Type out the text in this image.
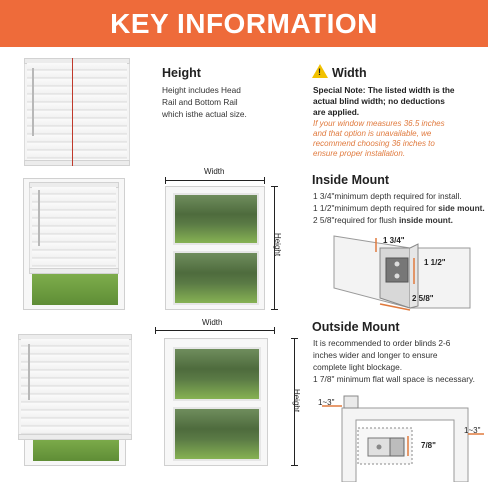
KEY INFORMATION
Height
Height includes Head
Rail and Bottom Rail
which isthe actual size.
! Width
Special Note: The listed width is the
actual blind width; no deductions
are applied.
If your window measures 36.5 inches
and that option is unavailable, we
recommend choosing 36 inches to
ensure proper installation.
Width
Height
Inside Mount
1 3/4"minimum depth required for install.
1 1/2"minimum depth required for side mount.
2 5/8"required for flush inside mount.
1 3/4"
1 1/2"
2 5/8"
Width
Height
Outside Mount
It is recommended to order blinds 2-6
inches wider and longer to ensure
complete light blockage.
1 7/8" minimum flat wall space is necessary.
1~3"
1~3"
7/8"
